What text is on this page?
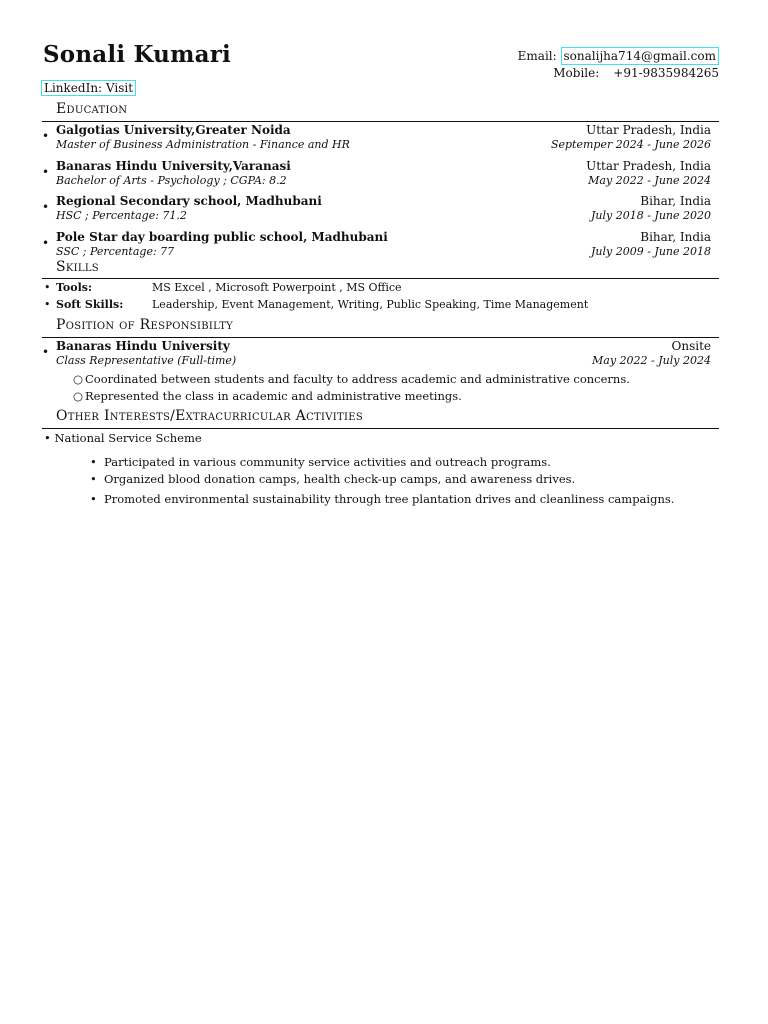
Sonali Kumari	Email: sonalijha714@gmail.com
Mobile: +91-9835984265
LinkedIn: Visit
Education
• Galgotias University,Greater Noida	Uttar Pradesh, India
Master of Business Administration - Finance and HR	Septemper 2024 - June 2026
• Banaras Hindu University,Varanasi	Uttar Pradesh, India
Bachelor of Arts - Psychology ; CGPA: 8.2	May 2022 - June 2024
• Regional Secondary school, Madhubani	Bihar, India
HSC ; Percentage: 71.2	July 2018 - June 2020
• Pole Star day boarding public school, Madhubani	Bihar, India
SSC ; Percentage: 77	July 2009 - June 2018
Skills
• Tools:	MS Excel , Microsoft Powerpoint , MS Office
• Soft Skills:	Leadership, Event Management, Writing, Public Speaking, Time Management
Position of Responsibilty
• Banaras Hindu University	Onsite
Class Representative (Full-time)	May 2022 - July 2024
○ Coordinated between students and faculty to address academic and administrative concerns.
○ Represented the class in academic and administrative meetings.
Other Interests/Extracurricular Activities
• National Service Scheme
• Participated in various community service activities and outreach programs.
• Organized blood donation camps, health check-up camps, and awareness drives.
• Promoted environmental sustainability through tree plantation drives and cleanliness campaigns.
